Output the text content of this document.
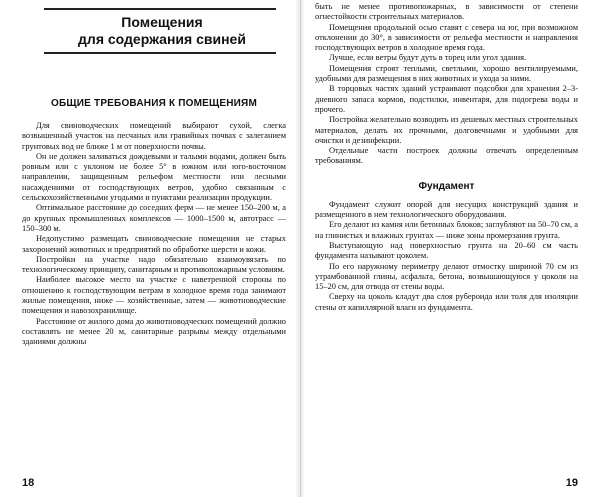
Помещения
для содержания свиней
ОБЩИЕ ТРЕБОВАНИЯ К ПОМЕЩЕНИЯМ

Для свиноводческих помещений выбирают сухой, слегка возвышенный участок на песчаных или гравийных почвах с залеганием грунтовых вод не ближе 1 м от поверхности почвы.

Он не должен заливаться дождевыми и талыми водами, должен быть ровным или с уклоном не более 5° в южном или юго-восточном направлении, защищенным рельефом местности или лесными насаждениями от господствующих ветров, удобно связанным с сельскохозяйственными угодьями и пунктами реализации продукции.

Оптимальное расстояние до соседних ферм — не менее 150–200 м, а до крупных промышленных комплексов — 1000–1500 м, автотрасс — 150–300 м.

Недопустимо размещать свиноводческие помещения не старых захоронений животных и предприятий по обработке шерсти и кожи.

Постройки на участке надо обязательно взаимоувязать по технологическому принципу, санитарным и противопожарным условиям.

Наиболее высокое место на участке с наветренной стороны по отношению к господствующим ветрам в холодное время года занимают жилые помещения, ниже — хозяйственные, затем — животноводческие помещения и навозохранилище.

Расстояние от жилого дома до животноводческих помещений должно составлять не менее 20 м, санитарные разрывы между отдельными зданиями должны

18

быть не менее противопожарных, в зависимости от степени огнестойкости строительных материалов.

Помещения продольной осью ставят с севера на юг, при возможном отклонении до 30°, в зависимости от рельефа местности и направления господствующих ветров в холодное время года.

Лучше, если ветры будут дуть в торец или угол здания.

Помещения строят теплыми, светлыми, хорошо вентилируемыми, удобными для размещения в них животных и ухода за ними.

В торцовых частях зданий устраивают подсобки для хранения 2–3-дневного запаса кормов, подстилки, инвентаря, для подогрева воды и прочего.

Постройка желательно возводить из дешевых местных строительных материалов, делать их прочными, долговечными и удобными для очистки и дезинфекции.

Отдельные части построек должны отвечать определенным требованиям.

Фундамент

Фундамент служит опорой для несущих конструкций здания и размещенного в нем технологического оборудования.

Его делают из камня или бетонных блоков; заглубляют на 50–70 см, а на глинистых и влажных грунтах — ниже зоны промерзания грунта.

Выступающую над поверхностью грунта на 20–60 см часть фундамента называют цоколем.

По его наружному периметру делают отмостку шириной 70 см из утрамбованной глины, асфальта, бетона, возвышающуюся у цоколя на 15–20 см, для отвода от стены воды.

Сверху на цоколь кладут два слоя рубероида или толя для изоляции стены от капиллярной влаги из фундамента.

19
